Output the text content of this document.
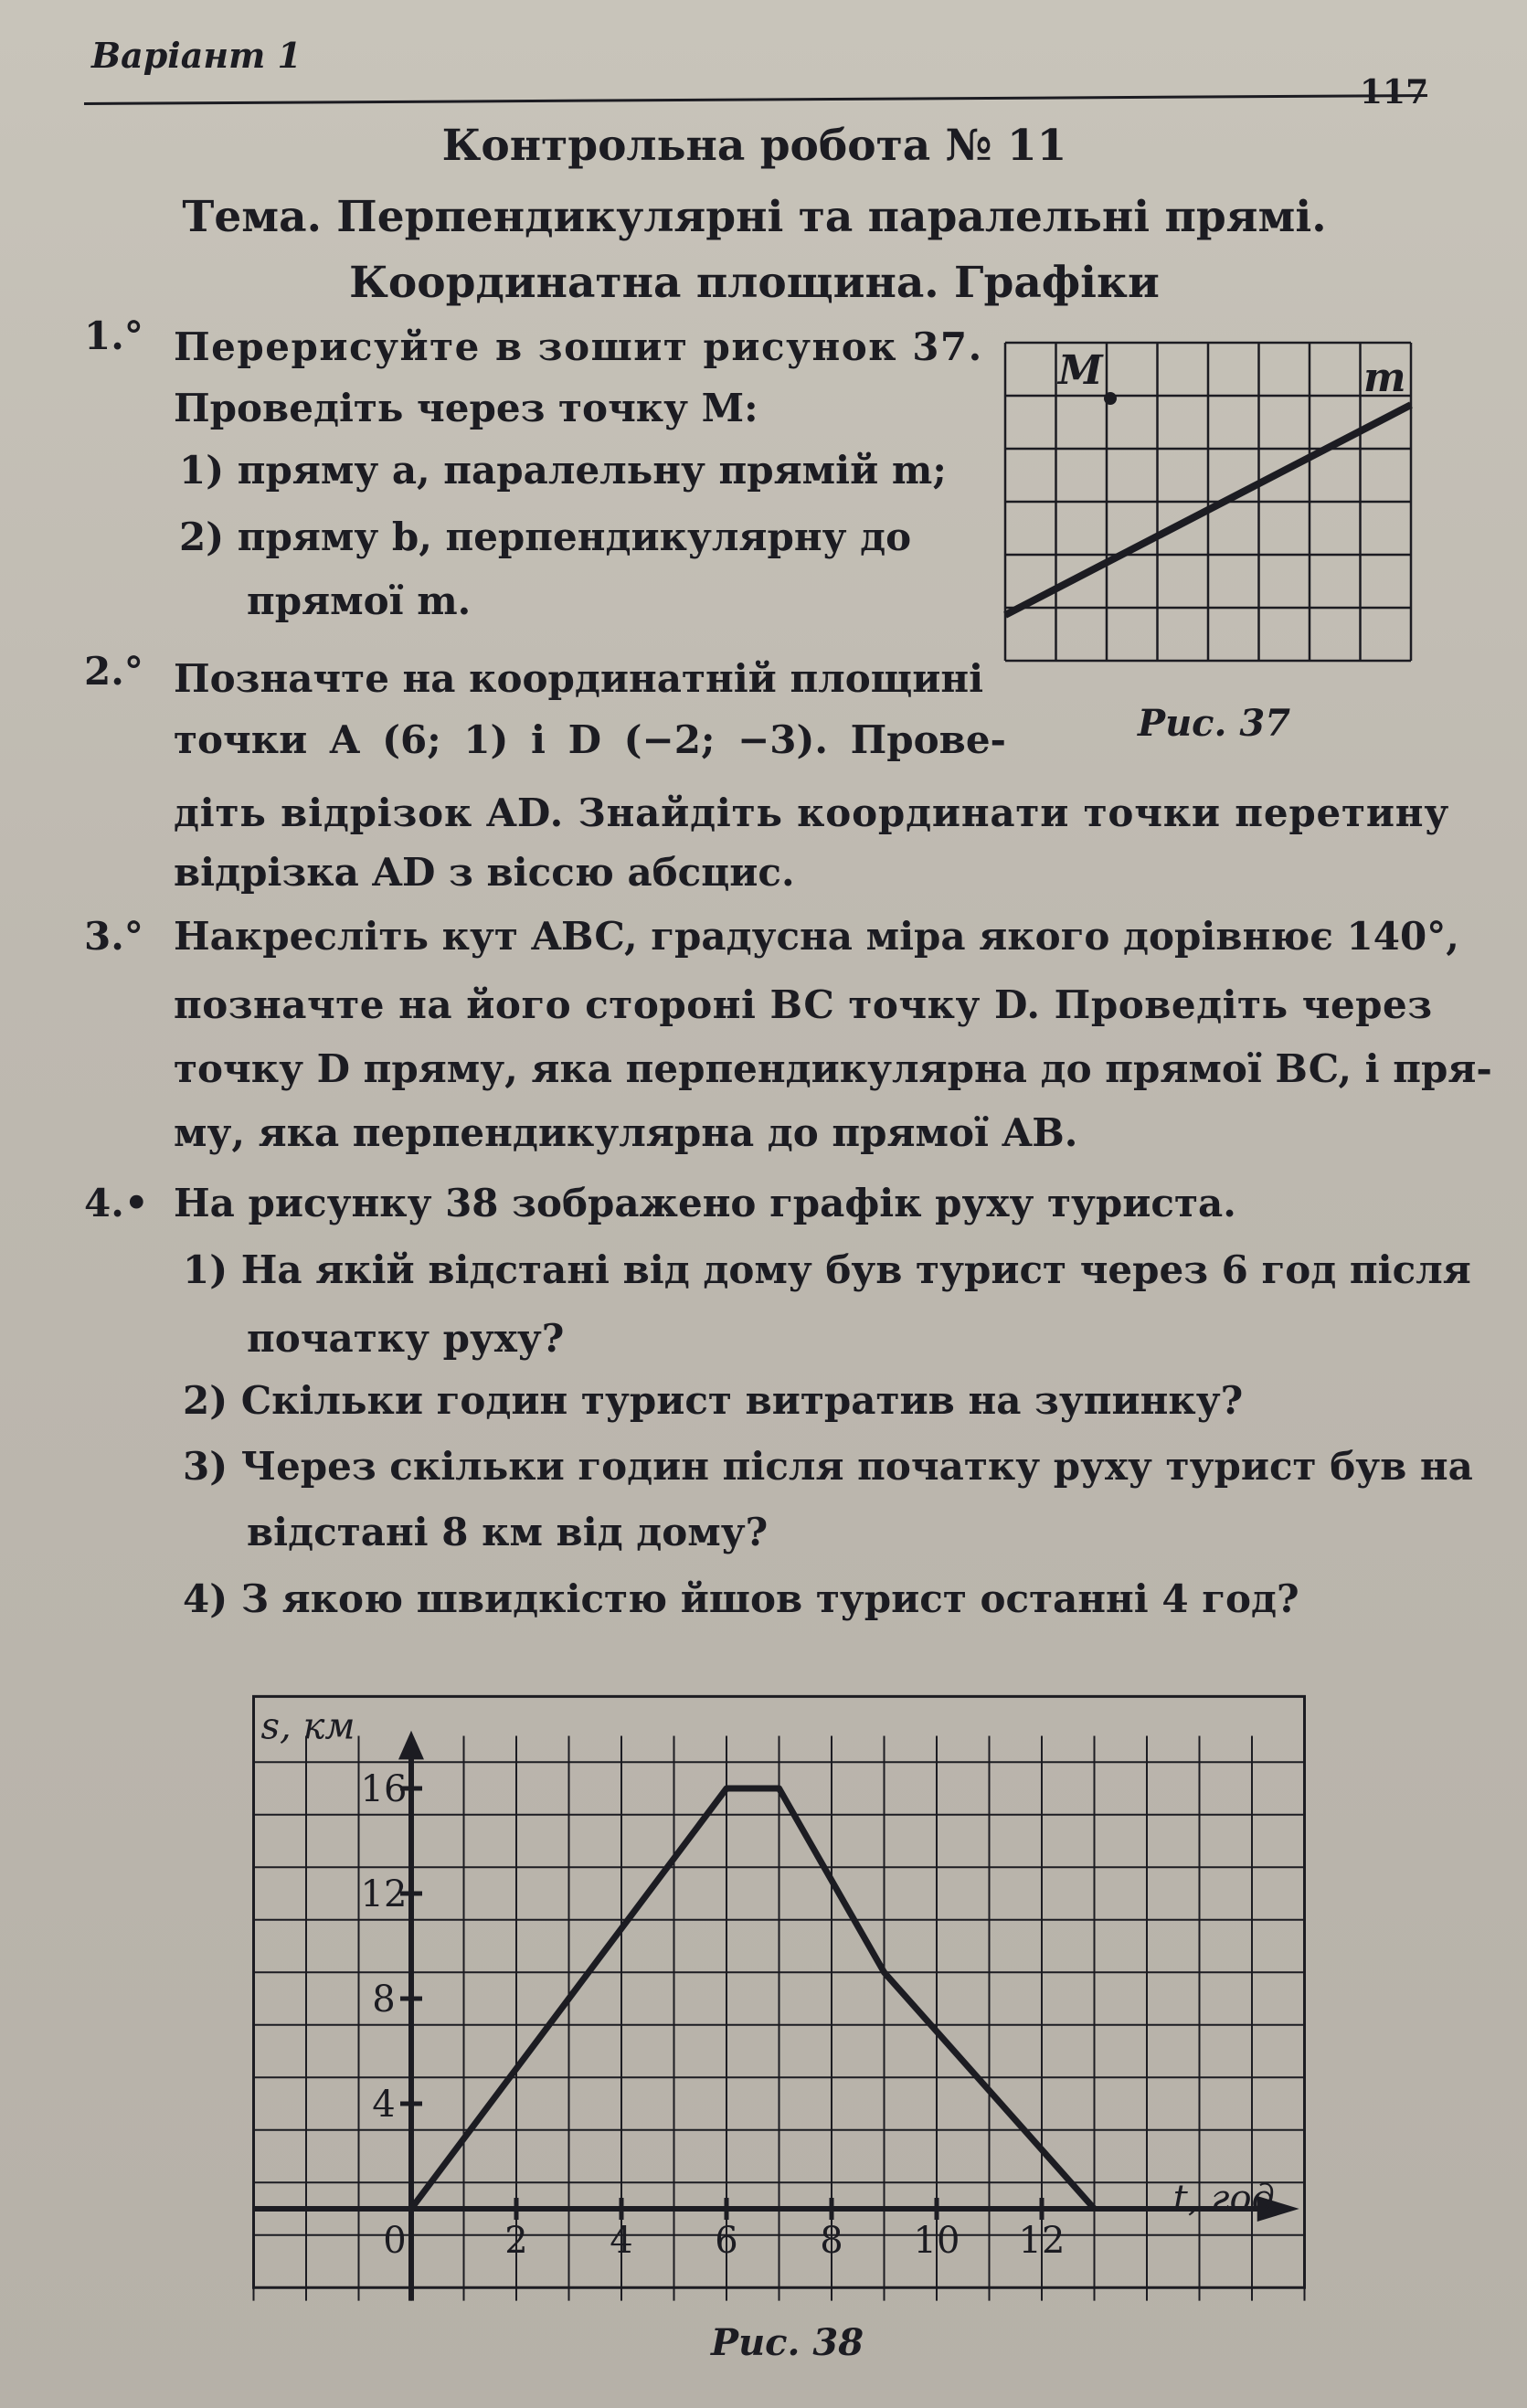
Варіант 1
117
Контрольна робота № 11
Тема. Перпендикулярні та паралельні прямі.
Координатна площина. Графіки
1.° Перерисуйте в зошит рисунок 37.
Проведіть через точку M:
1) пряму a, паралельну прямій m;
2) пряму b, перпендикулярну до
прямої m.
M	m
Рис. 37
2.° Позначте на координатній площині
точки A (6; 1) і D (−2; −3). Прове-
діть відрізок AD. Знайдіть координати точки перетину
відрізка AD з віссю абсцис.
3.° Накресліть кут ABC, градусна міра якого дорівнює 140°,
позначте на його стороні BC точку D. Проведіть через
точку D пряму, яка перпендикулярна до прямої BC, і пря-
му, яка перпендикулярна до прямої AB.
4.• На рисунку 38 зображено графік руху туриста.
1) На якій відстані від дому був турист через 6 год після
початку руху?
2) Скільки годин турист витратив на зупинку?
3) Через скільки годин після початку руху турист був на
відстані 8 км від дому?
4) З якою швидкістю йшов турист останні 4 год?
0	2 4 6 8 10 12
4
8
12
16
t, год
s, км
Рис. 38
